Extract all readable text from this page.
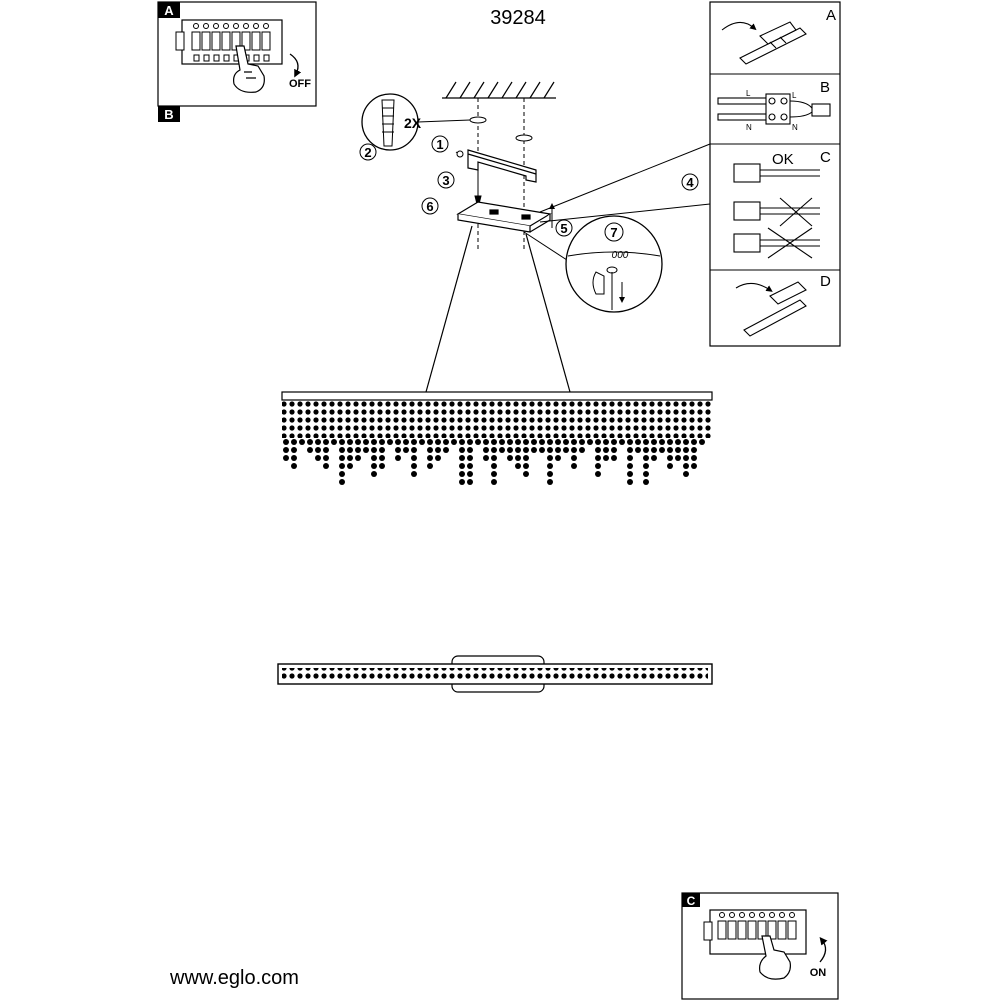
39284
A
B
OFF
2X
1
2
3	4
5
6
7
000
A
B
C
D
L
N
L
N
OK
C
ON
www.eglo.com
